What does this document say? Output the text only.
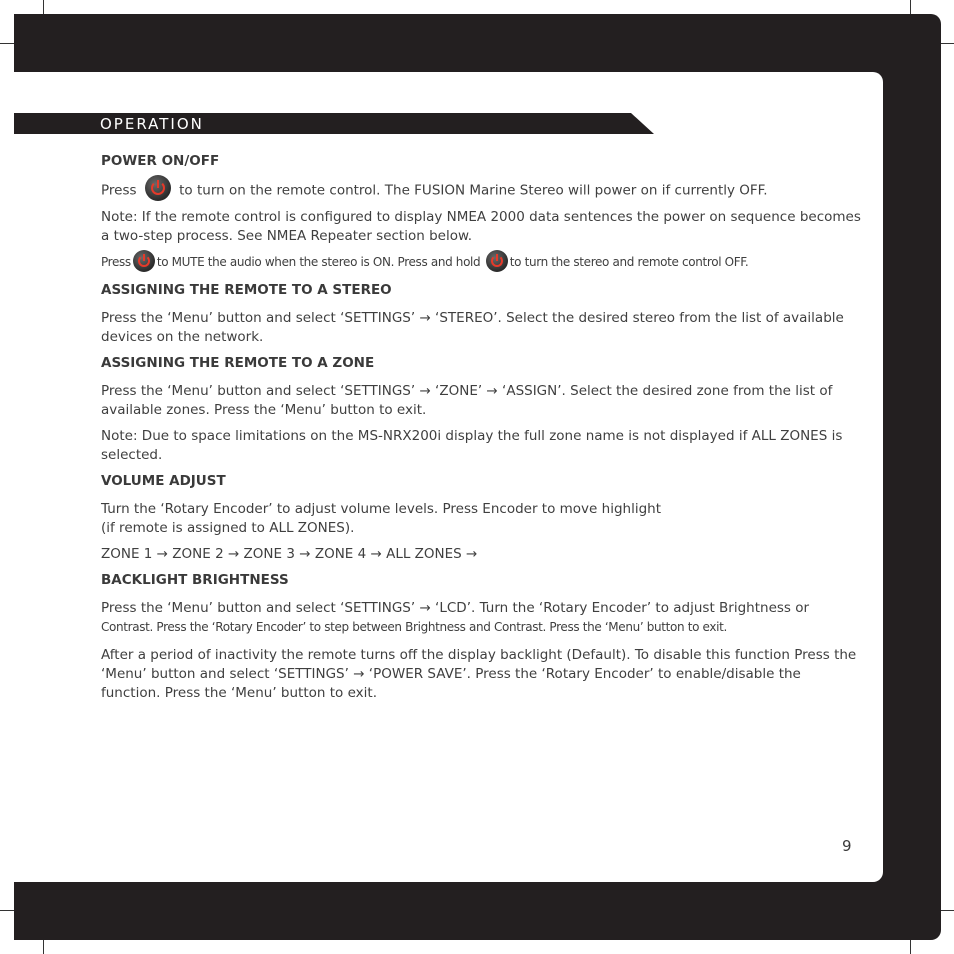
OPERATION
POWER ON/OFF

Press	to turn on the remote control. The FUSION Marine Stereo will power on if currently OFF.

Note: If the remote control is configured to display NMEA 2000 data sentences the power on sequence becomes a two-step process. See NMEA Repeater section below.

Press to MUTE the audio when the stereo is ON. Press and hold to turn the stereo and remote control OFF.

ASSIGNING THE REMOTE TO A STEREO

Press the ‘Menu’ button and select ‘SETTINGS’ → ‘STEREO’. Select the desired stereo from the list of available devices on the network.

ASSIGNING THE REMOTE TO A ZONE

Press the ‘Menu’ button and select ‘SETTINGS’ → ‘ZONE’ → ‘ASSIGN’. Select the desired zone from the list of available zones. Press the ‘Menu’ button to exit.

Note: Due to space limitations on the MS-NRX200i display the full zone name is not displayed if ALL ZONES is selected.

VOLUME ADJUST

Turn the ‘Rotary Encoder’ to adjust volume levels. Press Encoder to move highlight
(if remote is assigned to ALL ZONES).

ZONE 1 → ZONE 2 → ZONE 3 → ZONE 4 → ALL ZONES →

BACKLIGHT BRIGHTNESS

Press the ‘Menu’ button and select ‘SETTINGS’ → ‘LCD’. Turn the ‘Rotary Encoder’ to adjust Brightness or
Contrast. Press the ‘Rotary Encoder’ to step between Brightness and Contrast. Press the ‘Menu’ button to exit.

After a period of inactivity the remote turns off the display backlight (Default). To disable this function Press the ‘Menu’ button and select ‘SETTINGS’ → ‘POWER SAVE’. Press the ‘Rotary Encoder’ to enable/disable the function. Press the ‘Menu’ button to exit.

9
